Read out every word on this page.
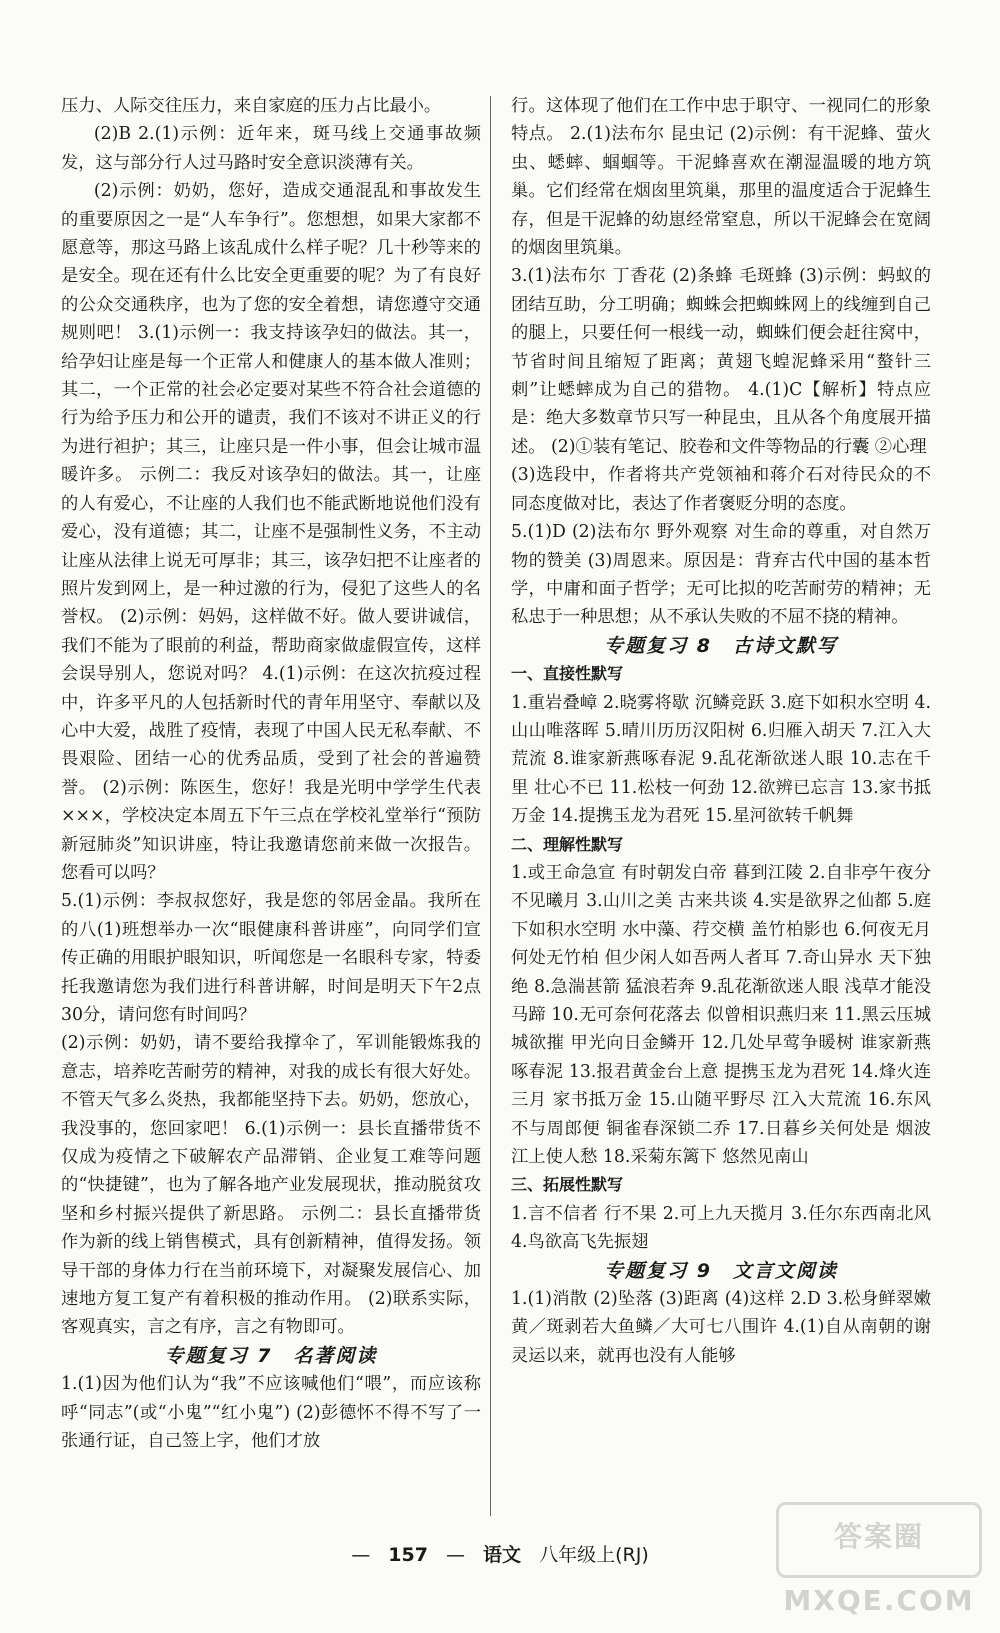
压力、人际交往压力，来自家庭的压力占比最小。
(2)B 2.(1)示例：近年来，斑马线上交通事故频发，这与部分行人过马路时安全意识淡薄有关。
(2)示例：奶奶，您好，造成交通混乱和事故发生的重要原因之一是“人车争行”。您想想，如果大家都不愿意等，那这马路上该乱成什么样子呢？几十秒等来的是安全。现在还有什么比安全更重要的呢？为了有良好的公众交通秩序，也为了您的安全着想，请您遵守交通规则吧！ 3.(1)示例一：我支持该孕妇的做法。其一，给孕妇让座是每一个正常人和健康人的基本做人准则；其二，一个正常的社会必定要对某些不符合社会道德的行为给予压力和公开的谴责，我们不该对不讲正义的行为进行袒护；其三，让座只是一件小事，但会让城市温暖许多。 示例二：我反对该孕妇的做法。其一，让座的人有爱心，不让座的人我们也不能武断地说他们没有爱心，没有道德；其二，让座不是强制性义务，不主动让座从法律上说无可厚非；其三，该孕妇把不让座者的照片发到网上，是一种过激的行为，侵犯了这些人的名誉权。 (2)示例：妈妈，这样做不好。做人要讲诚信，我们不能为了眼前的利益，帮助商家做虚假宣传，这样会误导别人，您说对吗？ 4.(1)示例：在这次抗疫过程中，许多平凡的人包括新时代的青年用坚守、奉献以及心中大爱，战胜了疫情，表现了中国人民无私奉献、不畏艰险、团结一心的优秀品质，受到了社会的普遍赞誉。 (2)示例：陈医生，您好！我是光明中学学生代表×××，学校决定本周五下午三点在学校礼堂举行“预防新冠肺炎”知识讲座，特让我邀请您前来做一次报告。您看可以吗？
5.(1)示例：李叔叔您好，我是您的邻居金晶。我所在的八(1)班想举办一次“眼健康科普讲座”，向同学们宣传正确的用眼护眼知识，听闻您是一名眼科专家，特委托我邀请您为我们进行科普讲解，时间是明天下午2点30分，请问您有时间吗？
(2)示例：奶奶，请不要给我撑伞了，军训能锻炼我的意志，培养吃苦耐劳的精神，对我的成长有很大好处。不管天气多么炎热，我都能坚持下去。奶奶，您放心，我没事的，您回家吧！ 6.(1)示例一：县长直播带货不仅成为疫情之下破解农产品滞销、企业复工难等问题的“快捷键”，也为了解各地产业发展现状，推动脱贫攻坚和乡村振兴提供了新思路。 示例二：县长直播带货作为新的线上销售模式，具有创新精神，值得发扬。领导干部的身体力行在当前环境下，对凝聚发展信心、加速地方复工复产有着积极的推动作用。 (2)联系实际，客观真实，言之有序，言之有物即可。
专题复习 7　名著阅读
1.(1)因为他们认为“我”不应该喊他们“喂”，而应该称呼“同志”(或“小鬼”“红小鬼”) (2)彭德怀不得不写了一张通行证，自己签上字，他们才放
行。这体现了他们在工作中忠于职守、一视同仁的形象特点。 2.(1)法布尔 昆虫记 (2)示例：有干泥蜂、萤火虫、蟋蟀、蝈蝈等。干泥蜂喜欢在潮湿温暖的地方筑巢。它们经常在烟囱里筑巢，那里的温度适合于泥蜂生存，但是干泥蜂的幼崽经常窒息，所以干泥蜂会在宽阔的烟囱里筑巢。
3.(1)法布尔 丁香花 (2)条蜂 毛斑蜂 (3)示例：蚂蚁的团结互助，分工明确；蜘蛛会把蜘蛛网上的线缠到自己的腿上，只要任何一根线一动，蜘蛛们便会赶往窝中，节省时间且缩短了距离；黄翅飞蝗泥蜂采用“螯针三刺”让蟋蟀成为自己的猎物。 4.(1)C【解析】特点应是：绝大多数章节只写一种昆虫，且从各个角度展开描述。 (2)①装有笔记、胶卷和文件等物品的行囊 ②心理
(3)选段中，作者将共产党领袖和蒋介石对待民众的不同态度做对比，表达了作者褒贬分明的态度。
5.(1)D (2)法布尔 野外观察 对生命的尊重，对自然万物的赞美 (3)周恩来。原因是：背弃古代中国的基本哲学，中庸和面子哲学；无可比拟的吃苦耐劳的精神；无私忠于一种思想；从不承认失败的不屈不挠的精神。
专题复习 8　古诗文默写
一、直接性默写
1.重岩叠嶂 2.晓雾将歇 沉鳞竞跃 3.庭下如积水空明 4.山山唯落晖 5.晴川历历汉阳树 6.归雁入胡天 7.江入大荒流 8.谁家新燕啄春泥 9.乱花渐欲迷人眼 10.志在千里 壮心不已 11.松枝一何劲 12.欲辨已忘言 13.家书抵万金 14.提携玉龙为君死 15.星河欲转千帆舞
二、理解性默写
1.或王命急宣 有时朝发白帝 暮到江陵 2.自非亭午夜分 不见曦月 3.山川之美 古来共谈 4.实是欲界之仙都 5.庭下如积水空明 水中藻、荇交横 盖竹柏影也 6.何夜无月 何处无竹柏 但少闲人如吾两人者耳 7.奇山异水 天下独绝 8.急湍甚箭 猛浪若奔 9.乱花渐欲迷人眼 浅草才能没马蹄 10.无可奈何花落去 似曾相识燕归来 11.黑云压城城欲摧 甲光向日金鳞开 12.几处早莺争暖树 谁家新燕啄春泥 13.报君黄金台上意 提携玉龙为君死 14.烽火连三月 家书抵万金 15.山随平野尽 江入大荒流 16.东风不与周郎便 铜雀春深锁二乔 17.日暮乡关何处是 烟波江上使人愁 18.采菊东篱下 悠然见南山
三、拓展性默写
1.言不信者 行不果 2.可上九天揽月 3.任尔东西南北风 4.鸟欲高飞先振翅
专题复习 9　文言文阅读
1.(1)消散 (2)坠落 (3)距离 (4)这样 2.D 3.松身鲜翠嫩黄／斑剥若大鱼鳞／大可七八围许 4.(1)自从南朝的谢灵运以来，就再也没有人能够
— 157 — 语文 八年级上(RJ)
答案圈 MXQE.COM
